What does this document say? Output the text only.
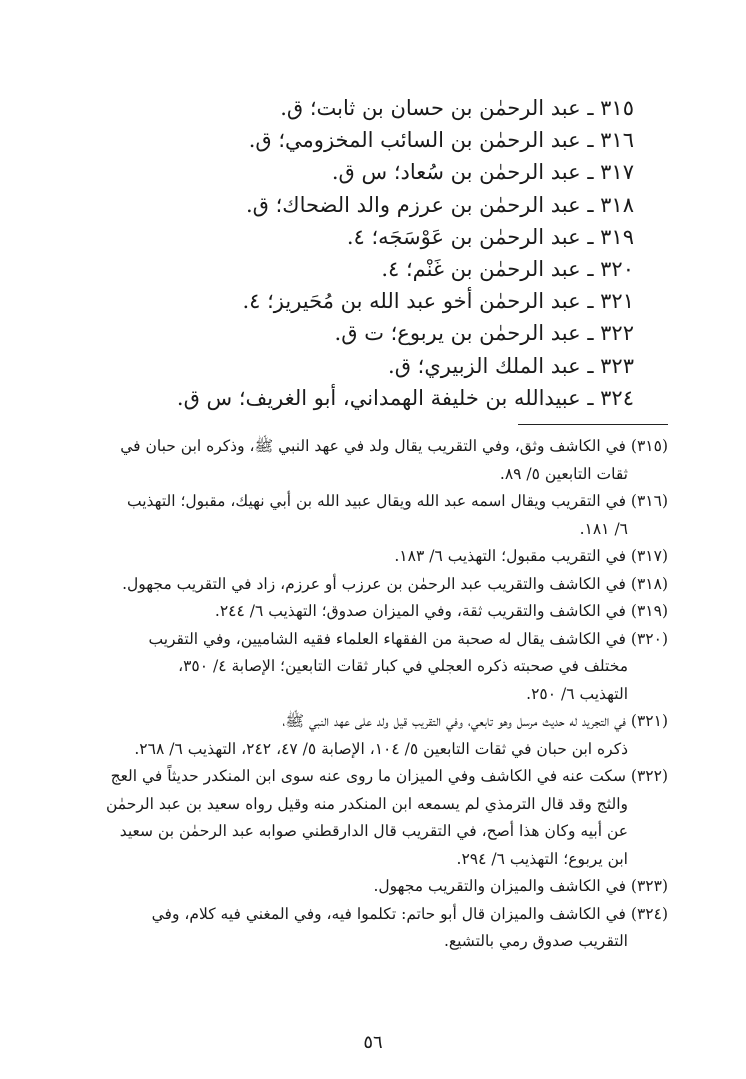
٣١٥ ـ عبد الرحمٰن بن حسان بن ثابت؛ ق.
٣١٦ ـ عبد الرحمٰن بن السائب المخزومي؛ ق.
٣١٧ ـ عبد الرحمٰن بن سُعاد؛ س ق.
٣١٨ ـ عبد الرحمٰن بن عرزم والد الضحاك؛ ق.
٣١٩ ـ عبد الرحمٰن بن عَوْسَجَه؛ ٤.
٣٢٠ ـ عبد الرحمٰن بن غَنْم؛ ٤.
٣٢١ ـ عبد الرحمٰن أخو عبد الله بن مُحَيريز؛ ٤.
٣٢٢ ـ عبد الرحمٰن بن يربوع؛ ت ق.
٣٢٣ ـ عبد الملك الزبيري؛ ق.
٣٢٤ ـ عبيدالله بن خليفة الهمداني، أبو الغريف؛ س ق.
(٣١٥) في الكاشف وثق، وفي التقريب يقال ولد في عهد النبي ﷺ، وذكره ابن حبان في
ثقات التابعين ٥/ ٨٩.
(٣١٦) في التقريب ويقال اسمه عبد الله ويقال عبيد الله بن أبي نهيك، مقبول؛ التهذيب
٦/ ١٨١.
(٣١٧) في التقريب مقبول؛ التهذيب ٦/ ١٨٣.
(٣١٨) في الكاشف والتقريب عبد الرحمٰن بن عرزب أو عرزم، زاد في التقريب مجهول.
(٣١٩) في الكاشف والتقريب ثقة، وفي الميزان صدوق؛ التهذيب ٦/ ٢٤٤.
(٣٢٠) في الكاشف يقال له صحبة من الفقهاء العلماء فقيه الشاميين، وفي التقريب
مختلف في صحبته ذكره العجلي في كبار ثقات التابعين؛ الإصابة ٤/ ٣٥٠،
التهذيب ٦/ ٢٥٠.
(٣٢١) في التجريد له حديث مرسل وهو تابعي، وفي التقريب قيل ولد على عهد النبي ﷺ،
ذكره ابن حبان في ثقات التابعين ٥/ ١٠٤، الإصابة ٥/ ٤٧، ٢٤٢، التهذيب ٦/ ٢٦٨.
(٣٢٢) سكت عنه في الكاشف وفي الميزان ما روى عنه سوى ابن المنكدر حديثاً في العج
والثج وقد قال الترمذي لم يسمعه ابن المنكدر منه وقيل رواه سعيد بن عبد الرحمٰن
عن أبيه وكان هذا أصح، في التقريب قال الدارقطني صوابه عبد الرحمٰن بن سعيد
ابن يربوع؛ التهذيب ٦/ ٢٩٤.
(٣٢٣) في الكاشف والميزان والتقريب مجهول.
(٣٢٤) في الكاشف والميزان قال أبو حاتم: تكلموا فيه، وفي المغني فيه كلام، وفي
التقريب صدوق رمي بالتشيع.
٥٦
